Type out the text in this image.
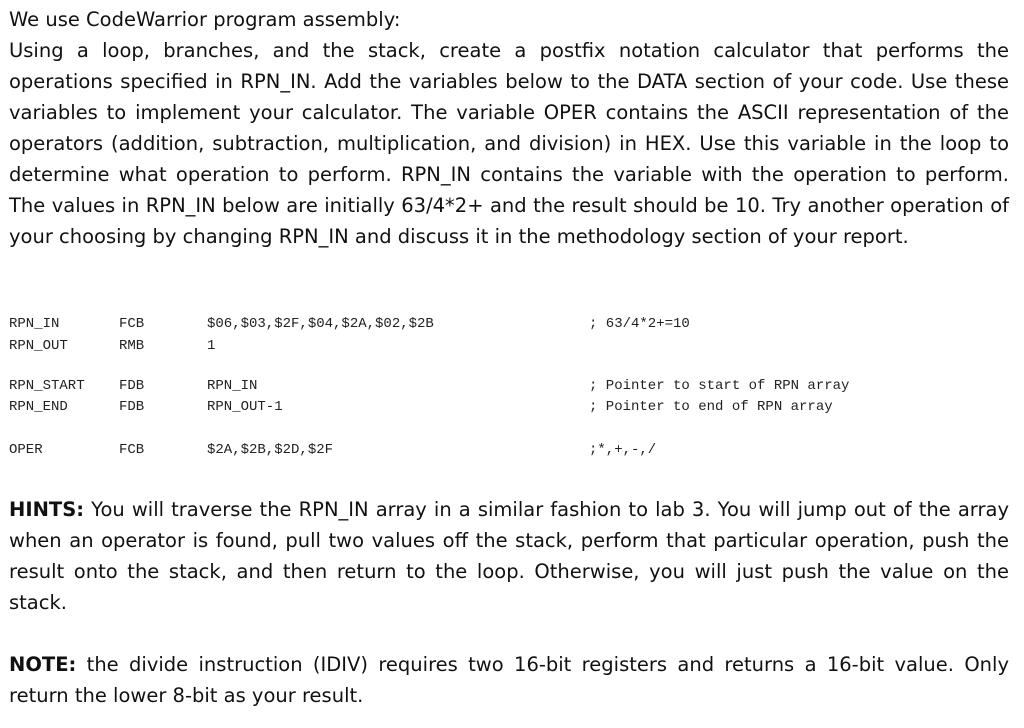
We use CodeWarrior program assembly:

Using a loop, branches, and the stack, create a postfix notation calculator that performs the operations specified in RPN_IN. Add the variables below to the DATA section of your code. Use these variables to implement your calculator. The variable OPER contains the ASCII representation of the operators (addition, subtraction, multiplication, and division) in HEX. Use this variable in the loop to determine what operation to perform. RPN_IN contains the variable with the operation to perform. The values in RPN_IN below are initially 63/4*2+ and the result should be 10. Try another operation of your choosing by changing RPN_IN and discuss it in the methodology section of your report.

RPN_IN	FCB	$06,$03,$2F,$04,$2A,$02,$2B	; 63/4*2+=10
RPN_OUT	RMB	1
RPN_START FDB	RPN_IN	; Pointer to start of RPN array
RPN_END	FDB	RPN_OUT-1	; Pointer to end of RPN array
OPER	FCB	$2A,$2B,$2D,$2F	;*,+,-,/

HINTS: You will traverse the RPN_IN array in a similar fashion to lab 3. You will jump out of the array when an operator is found, pull two values off the stack, perform that particular operation, push the result onto the stack, and then return to the loop. Otherwise, you will just push the value on the stack.

NOTE: the divide instruction (IDIV) requires two 16-bit registers and returns a 16-bit value. Only return the lower 8-bit as your result.
